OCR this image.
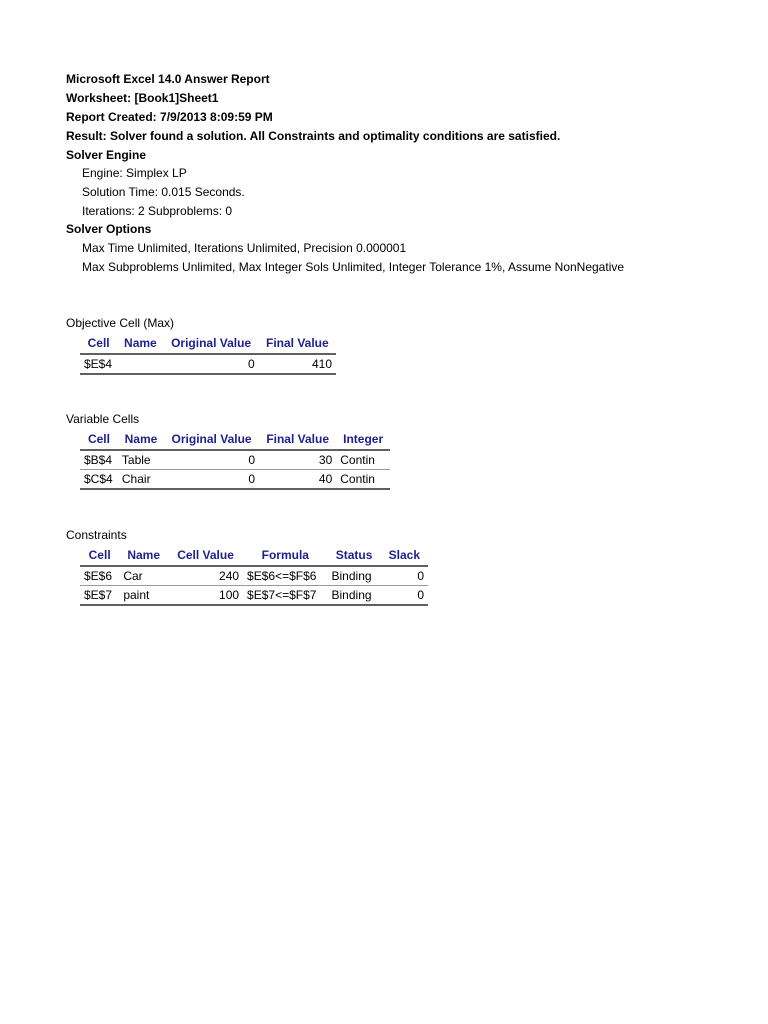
Microsoft Excel 14.0 Answer Report
Worksheet: [Book1]Sheet1
Report Created: 7/9/2013 8:09:59 PM
Result: Solver found a solution. All Constraints and optimality conditions are satisfied.
Solver Engine
Engine: Simplex LP
Solution Time: 0.015 Seconds.
Iterations: 2 Subproblems: 0
Solver Options
Max Time Unlimited, Iterations Unlimited, Precision 0.000001
Max Subproblems Unlimited, Max Integer Sols Unlimited, Integer Tolerance 1%, Assume NonNegative
Objective Cell (Max)
Cell	Name	Original Value	Final Value
$E$4		0	410
Variable Cells
Cell	Name	Original Value	Final Value	Integer
$B$4	Table	0	30	Contin
$C$4	Chair	0	40	Contin
Constraints
Cell	Name	Cell Value	Formula	Status	Slack
$E$6	Car	240	$E$6<=$F$6	Binding	0
$E$7	paint	100	$E$7<=$F$7	Binding	0
